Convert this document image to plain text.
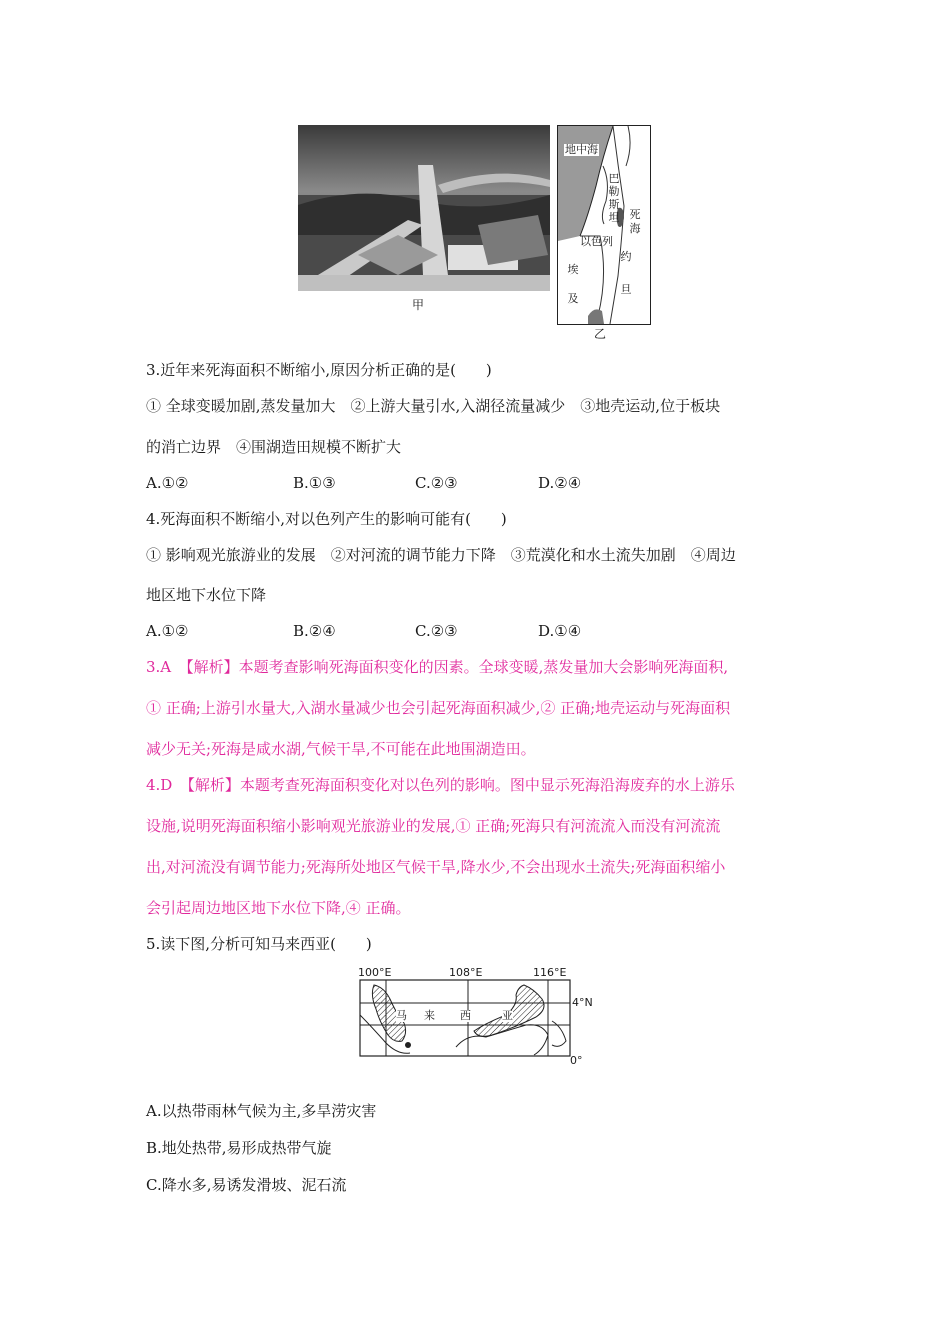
甲
地中海
巴
勒
斯
坦 死
海
以色列
埃
及
约
旦
乙
3.近年来死海面积不断缩小,原因分析正确的是(　　)
① 全球变暖加剧,蒸发量加大　②上游大量引水,入湖径流量减少　③地壳运动,位于板块
的消亡边界　④围湖造田规模不断扩大
A.①②	B.①③	C.②③	D.②④
4.死海面积不断缩小,对以色列产生的影响可能有(　　)
① 影响观光旅游业的发展　②对河流的调节能力下降　③荒漠化和水土流失加剧　④周边
地区地下水位下降
A.①②	B.②④	C.②③	D.①④
3.A　【解析】本题考查影响死海面积变化的因素。全球变暖,蒸发量加大会影响死海面积,
① 正确;上游引水量大,入湖水量减少也会引起死海面积减少,② 正确;地壳运动与死海面积
减少无关;死海是咸水湖,气候干旱,不可能在此地围湖造田。
4.D　【解析】本题考查死海面积变化对以色列的影响。图中显示死海沿海废弃的水上游乐
设施,说明死海面积缩小影响观光旅游业的发展,① 正确;死海只有河流流入而没有河流流
出,对河流没有调节能力;死海所处地区气候干旱,降水少,不会出现水土流失;死海面积缩小
会引起周边地区地下水位下降,④ 正确。
5.读下图,分析可知马来西亚(　　)
100°E	108°E	116°E
马 来 西	亚
4°N
0°
A.以热带雨林气候为主,多旱涝灾害
B.地处热带,易形成热带气旋
C.降水多,易诱发滑坡、泥石流
